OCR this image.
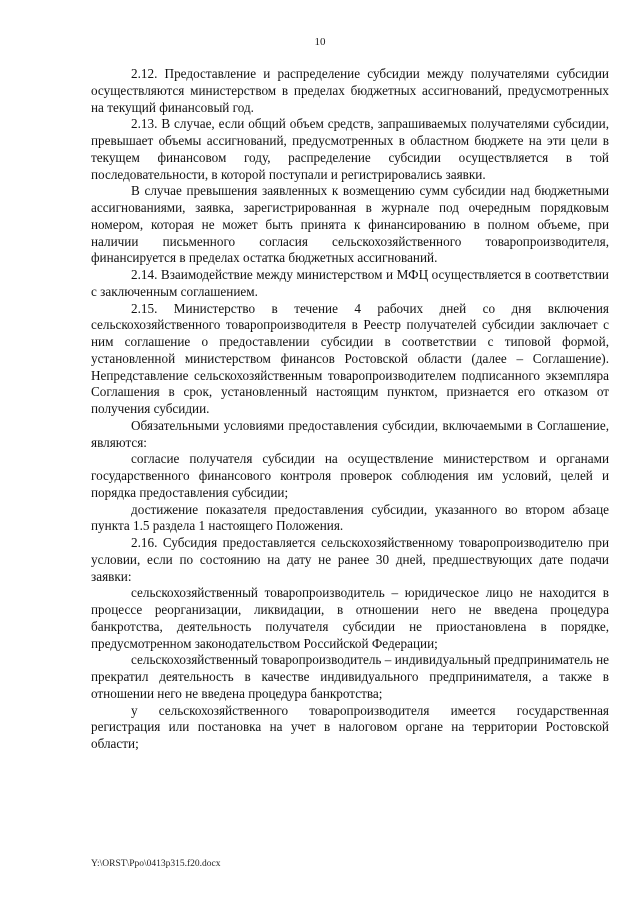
10

2.12. Предоставление и распределение субсидии между получателями субсидии осуществляются министерством в пределах бюджетных ассигнований, предусмотренных на текущий финансовый год.

2.13. В случае, если общий объем средств, запрашиваемых получателями субсидии, превышает объемы ассигнований, предусмотренных в областном бюджете на эти цели в текущем финансовом году, распределение субсидии осуществляется в той последовательности, в которой поступали и регистрировались заявки.

В случае превышения заявленных к возмещению сумм субсидии над бюджетными ассигнованиями, заявка, зарегистрированная в журнале под очередным порядковым номером, которая не может быть принята к финансированию в полном объеме, при наличии письменного согласия сельскохозяйственного товаропроизводителя, финансируется в пределах остатка бюджетных ассигнований.

2.14. Взаимодействие между министерством и МФЦ осуществляется в соответствии с заключенным соглашением.

2.15. Министерство в течение 4 рабочих дней со дня включения сельскохозяйственного товаропроизводителя в Реестр получателей субсидии заключает с ним соглашение о предоставлении субсидии в соответствии с типовой формой, установленной министерством финансов Ростовской области (далее – Соглашение). Непредставление сельскохозяйственным товаропроизводителем подписанного экземпляра Соглашения в срок, установленный настоящим пунктом, признается его отказом от получения субсидии.

Обязательными условиями предоставления субсидии, включаемыми в Соглашение, являются:

согласие получателя субсидии на осуществление министерством и органами государственного финансового контроля проверок соблюдения им условий, целей и порядка предоставления субсидии;

достижение показателя предоставления субсидии, указанного во втором абзаце пункта 1.5 раздела 1 настоящего Положения.

2.16. Субсидия предоставляется сельскохозяйственному товаропроизводителю при условии, если по состоянию на дату не ранее 30 дней, предшествующих дате подачи заявки:

сельскохозяйственный товаропроизводитель – юридическое лицо не находится в процессе реорганизации, ликвидации, в отношении него не введена процедура банкротства, деятельность получателя субсидии не приостановлена в порядке, предусмотренном законодательством Российской Федерации;

сельскохозяйственный товаропроизводитель – индивидуальный предприниматель не прекратил деятельность в качестве индивидуального предпринимателя, а также в отношении него не введена процедура банкротства;

у сельскохозяйственного товаропроизводителя имеется государственная регистрация или постановка на учет в налоговом органе на территории Ростовской области;

Y:\ORST\Ppo\0413p315.f20.docx
